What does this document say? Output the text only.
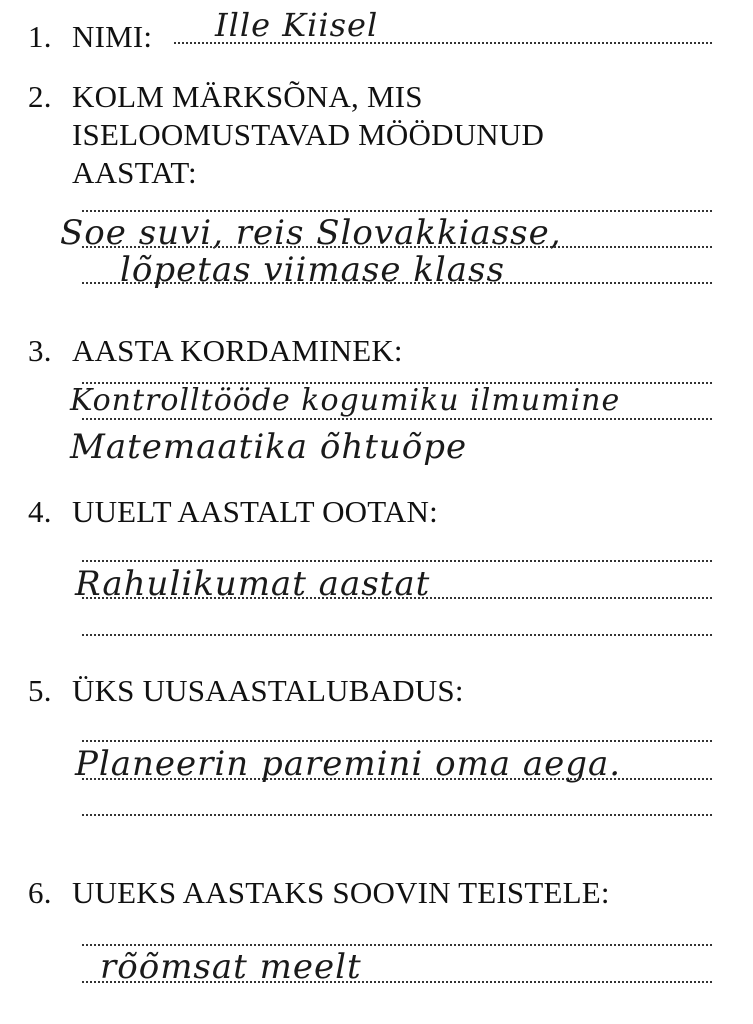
1. NIMI: Ille Kiisel
2. KOLM MÄRKSÕNA, MIS
ISELOOMUSTAVAD MÖÖDUNUD
AASTAT:
Soe suvi, reis Slovakkiasse,
lõpetas viimase klass
3. AASTA KORDAMINEK:
Kontrolltööde kogumiku ilmumine
Matemaatika õhtuõpe
4. UUELT AASTALT OOTAN:
Rahulikumat aastat
5. ÜKS UUSAASTALUBADUS:
Planeerin paremini oma aega.
6. UUEKS AASTAKS SOOVIN TEISTELE:
rõõmsat meelt
